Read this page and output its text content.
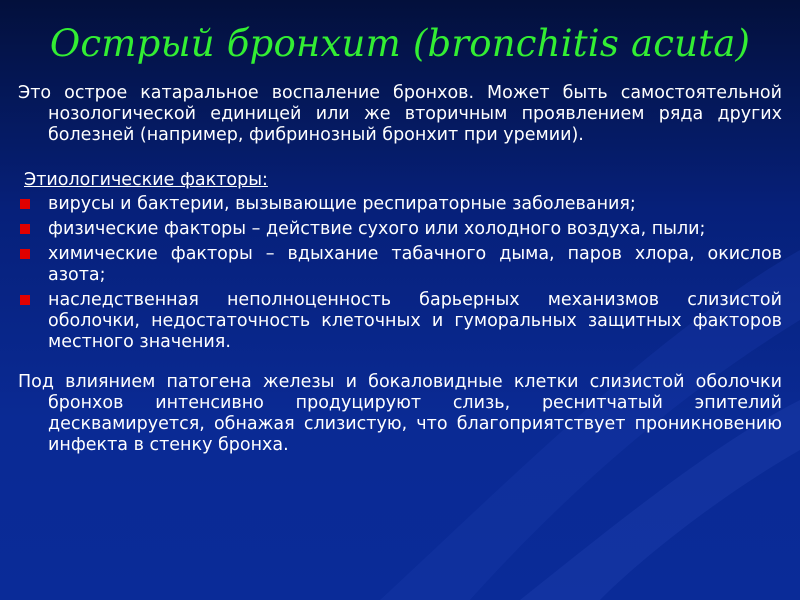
Острый бронхит (bronchitis acuta)
Это острое катаральное воспаление бронхов. Может быть самостоятельной нозологической единицей или же вторичным проявлением ряда других болезней (например, фибринозный бронхит при уремии).
Этиологические факторы:
вирусы и бактерии, вызывающие респираторные заболевания;
физические факторы – действие сухого или холодного воздуха, пыли;
химические факторы – вдыхание табачного дыма, паров хлора, окислов азота;
наследственная неполноценность барьерных механизмов слизистой оболочки, недостаточность клеточных и гуморальных защитных факторов местного значения.
Под влиянием патогена железы и бокаловидные клетки слизистой оболочки бронхов интенсивно продуцируют слизь, реснитчатый эпителий десквамируется, обнажая слизистую, что благоприятствует проникновению инфекта в стенку бронха.
